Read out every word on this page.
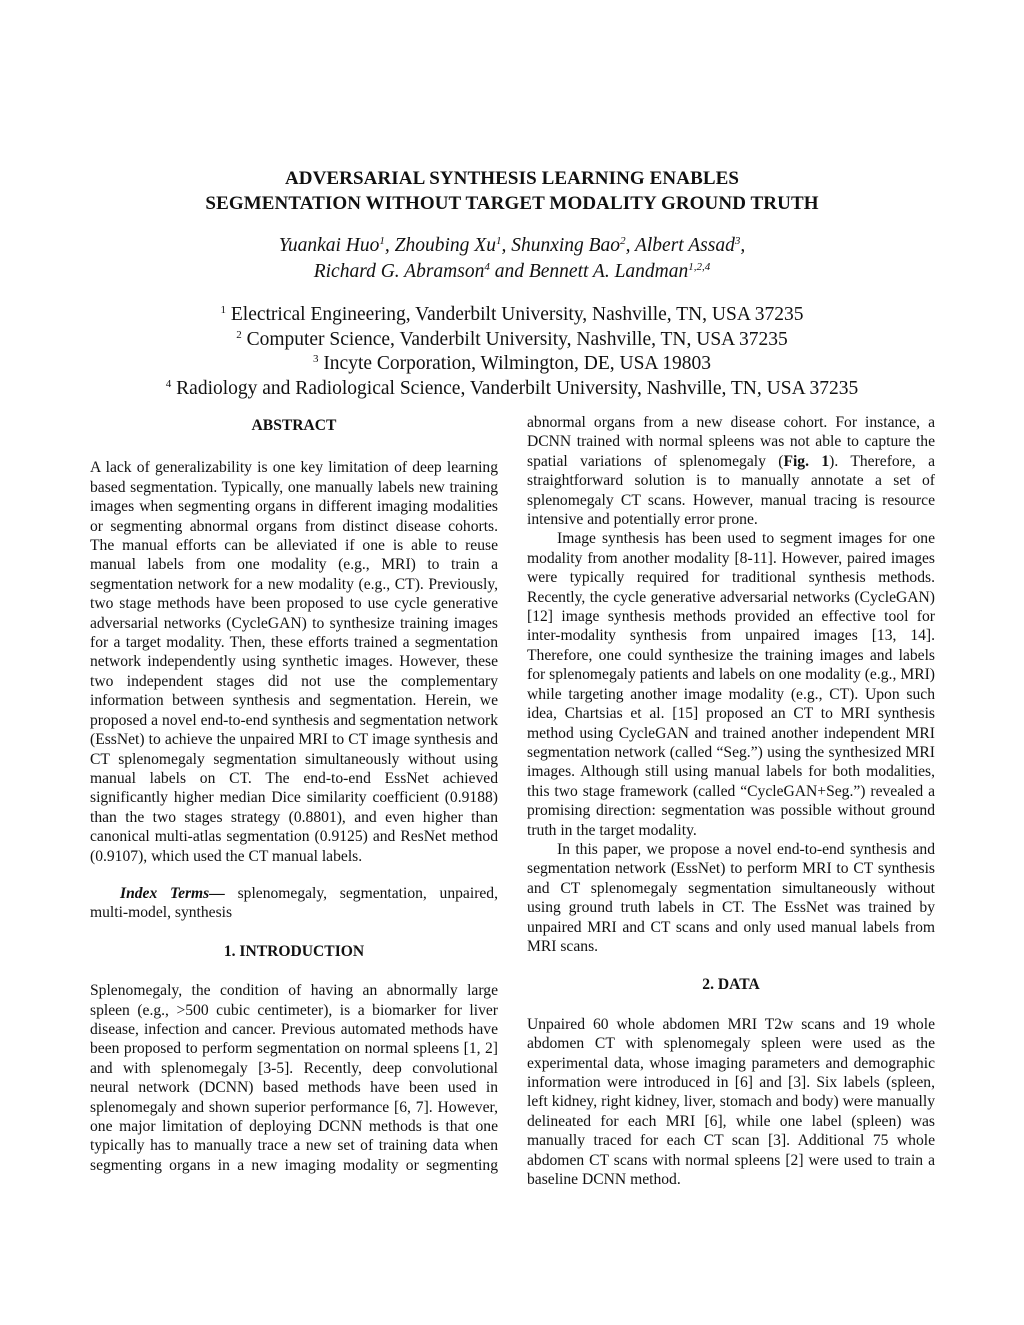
ADVERSARIAL SYNTHESIS LEARNING ENABLES
SEGMENTATION WITHOUT TARGET MODALITY GROUND TRUTH
Yuankai Huo$^1$, Zhoubing Xu$^1$, Shunxing Bao$^2$, Albert Assad$^3$,
Richard G. Abramson$^4$ and Bennett A. Landman$^{1,2,4}$
$^1$ Electrical Engineering, Vanderbilt University, Nashville, TN, USA 37235
$^2$ Computer Science, Vanderbilt University, Nashville, TN, USA 37235
$^3$ Incyte Corporation, Wilmington, DE, USA 19803
$^4$ Radiology and Radiological Science, Vanderbilt University, Nashville, TN, USA 37235
ABSTRACT

A lack of generalizability is one key limitation of deep learning based segmentation. Typically, one manually labels new training images when segmenting organs in different imaging modalities or segmenting abnormal organs from distinct disease cohorts. The manual efforts can be alleviated if one is able to reuse manual labels from one modality (e.g., MRI) to train a segmentation network for a new modality (e.g., CT). Previously, two stage methods have been proposed to use cycle generative adversarial networks (CycleGAN) to synthesize training images for a target modality. Then, these efforts trained a segmentation network independently using synthetic images. However, these two independent stages did not use the complementary information between synthesis and segmentation. Herein, we proposed a novel end-to-end synthesis and segmentation network (EssNet) to achieve the unpaired MRI to CT image synthesis and CT splenomegaly segmentation simultaneously without using manual labels on CT. The end-to-end EssNet achieved significantly higher median Dice similarity coefficient (0.9188) than the two stages strategy (0.8801), and even higher than canonical multi-atlas segmentation (0.9125) and ResNet method (0.9107), which used the CT manual labels.

Index Terms— splenomegaly, segmentation, unpaired, multi-model, synthesis

1. INTRODUCTION

Splenomegaly, the condition of having an abnormally large spleen (e.g., >500 cubic centimeter), is a biomarker for liver disease, infection and cancer. Previous automated methods have been proposed to perform segmentation on normal spleens [1, 2] and with splenomegaly [3-5]. Recently, deep convolutional neural network (DCNN) based methods have been used in splenomegaly and shown superior performance [6, 7]. However, one major limitation of deploying DCNN methods is that one typically has to manually trace a new set of training data when segmenting organs in a new imaging modality or segmenting

abnormal organs from a new disease cohort. For instance, a DCNN trained with normal spleens was not able to capture the spatial variations of splenomegaly (Fig. 1). Therefore, a straightforward solution is to manually annotate a set of splenomegaly CT scans. However, manual tracing is resource intensive and potentially error prone.

Image synthesis has been used to segment images for one modality from another modality [8-11]. However, paired images were typically required for traditional synthesis methods. Recently, the cycle generative adversarial networks (CycleGAN) [12] image synthesis methods provided an effective tool for inter-modality synthesis from unpaired images [13, 14]. Therefore, one could synthesize the training images and labels for splenomegaly patients and labels on one modality (e.g., MRI) while targeting another image modality (e.g., CT). Upon such idea, Chartsias et al. [15] proposed an CT to MRI synthesis method using CycleGAN and trained another independent MRI segmentation network (called “Seg.”) using the synthesized MRI images. Although still using manual labels for both modalities, this two stage framework (called “CycleGAN+Seg.”) revealed a promising direction: segmentation was possible without ground truth in the target modality.

In this paper, we propose a novel end-to-end synthesis and segmentation network (EssNet) to perform MRI to CT synthesis and CT splenomegaly segmentation simultaneously without using ground truth labels in CT. The EssNet was trained by unpaired MRI and CT scans and only used manual labels from MRI scans.

2. DATA

Unpaired 60 whole abdomen MRI T2w scans and 19 whole abdomen CT with splenomegaly spleen were used as the experimental data, whose imaging parameters and demographic information were introduced in [6] and [3]. Six labels (spleen, left kidney, right kidney, liver, stomach and body) were manually delineated for each MRI [6], while one label (spleen) was manually traced for each CT scan [3]. Additional 75 whole abdomen CT scans with normal spleens [2] were used to train a baseline DCNN method.
